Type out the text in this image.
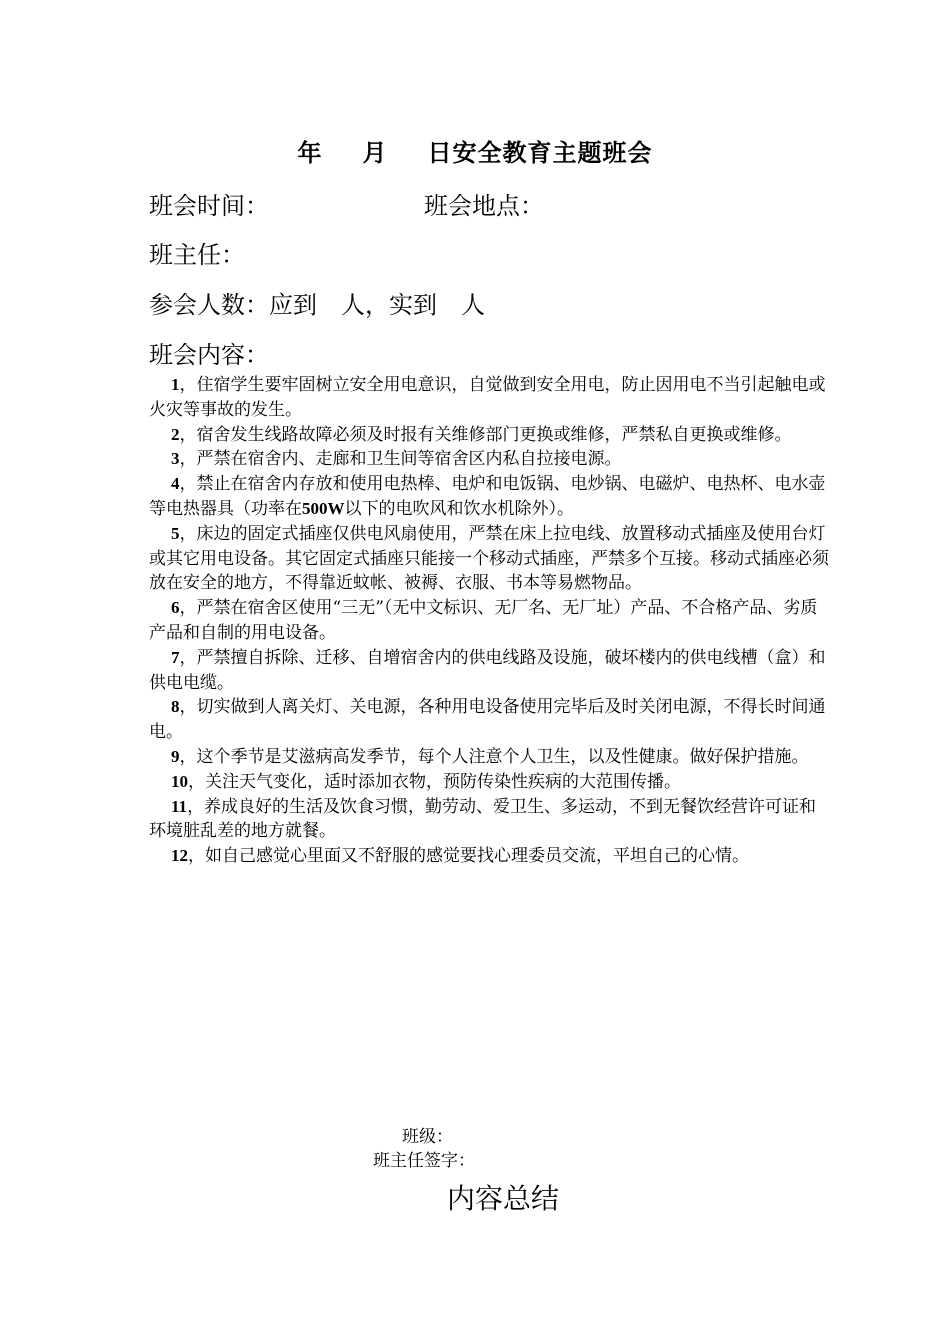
年 月 日安全教育主题班会
班会时间：	班会地点：
班主任：
参会人数：应到　人，实到　人
班会内容：

1，住宿学生要牢固树立安全用电意识，自觉做到安全用电，防止因用电不当引起触电或火灾等事故的发生。

2，宿舍发生线路故障必须及时报有关维修部门更换或维修，严禁私自更换或维修。

3，严禁在宿舍内、走廊和卫生间等宿舍区内私自拉接电源。

4，禁止在宿舍内存放和使用电热棒、电炉和电饭锅、电炒锅、电磁炉、电热杯、电水壶等电热器具（功率在500W以下的电吹风和饮水机除外）。

5，床边的固定式插座仅供电风扇使用，严禁在床上拉电线、放置移动式插座及使用台灯或其它用电设备。其它固定式插座只能接一个移动式插座，严禁多个互接。移动式插座必须放在安全的地方，不得靠近蚊帐、被褥、衣服、书本等易燃物品。

6，严禁在宿舍区使用“三无”（无中文标识、无厂名、无厂址）产品、不合格产品、劣质产品和自制的用电设备。

7，严禁擅自拆除、迁移、自增宿舍内的供电线路及设施，破坏楼内的供电线槽（盒）和供电电缆。

8，切实做到人离关灯、关电源，各种用电设备使用完毕后及时关闭电源，不得长时间通电。

9，这个季节是艾滋病高发季节，每个人注意个人卫生，以及性健康。做好保护措施。

10，关注天气变化，适时添加衣物，预防传染性疾病的大范围传播。

11，养成良好的生活及饮食习惯，勤劳动、爱卫生、多运动，不到无餐饮经营许可证和环境脏乱差的地方就餐。

12，如自己感觉心里面又不舒服的感觉要找心理委员交流，平坦自己的心情。

班级：
班主任签字：
内容总结
